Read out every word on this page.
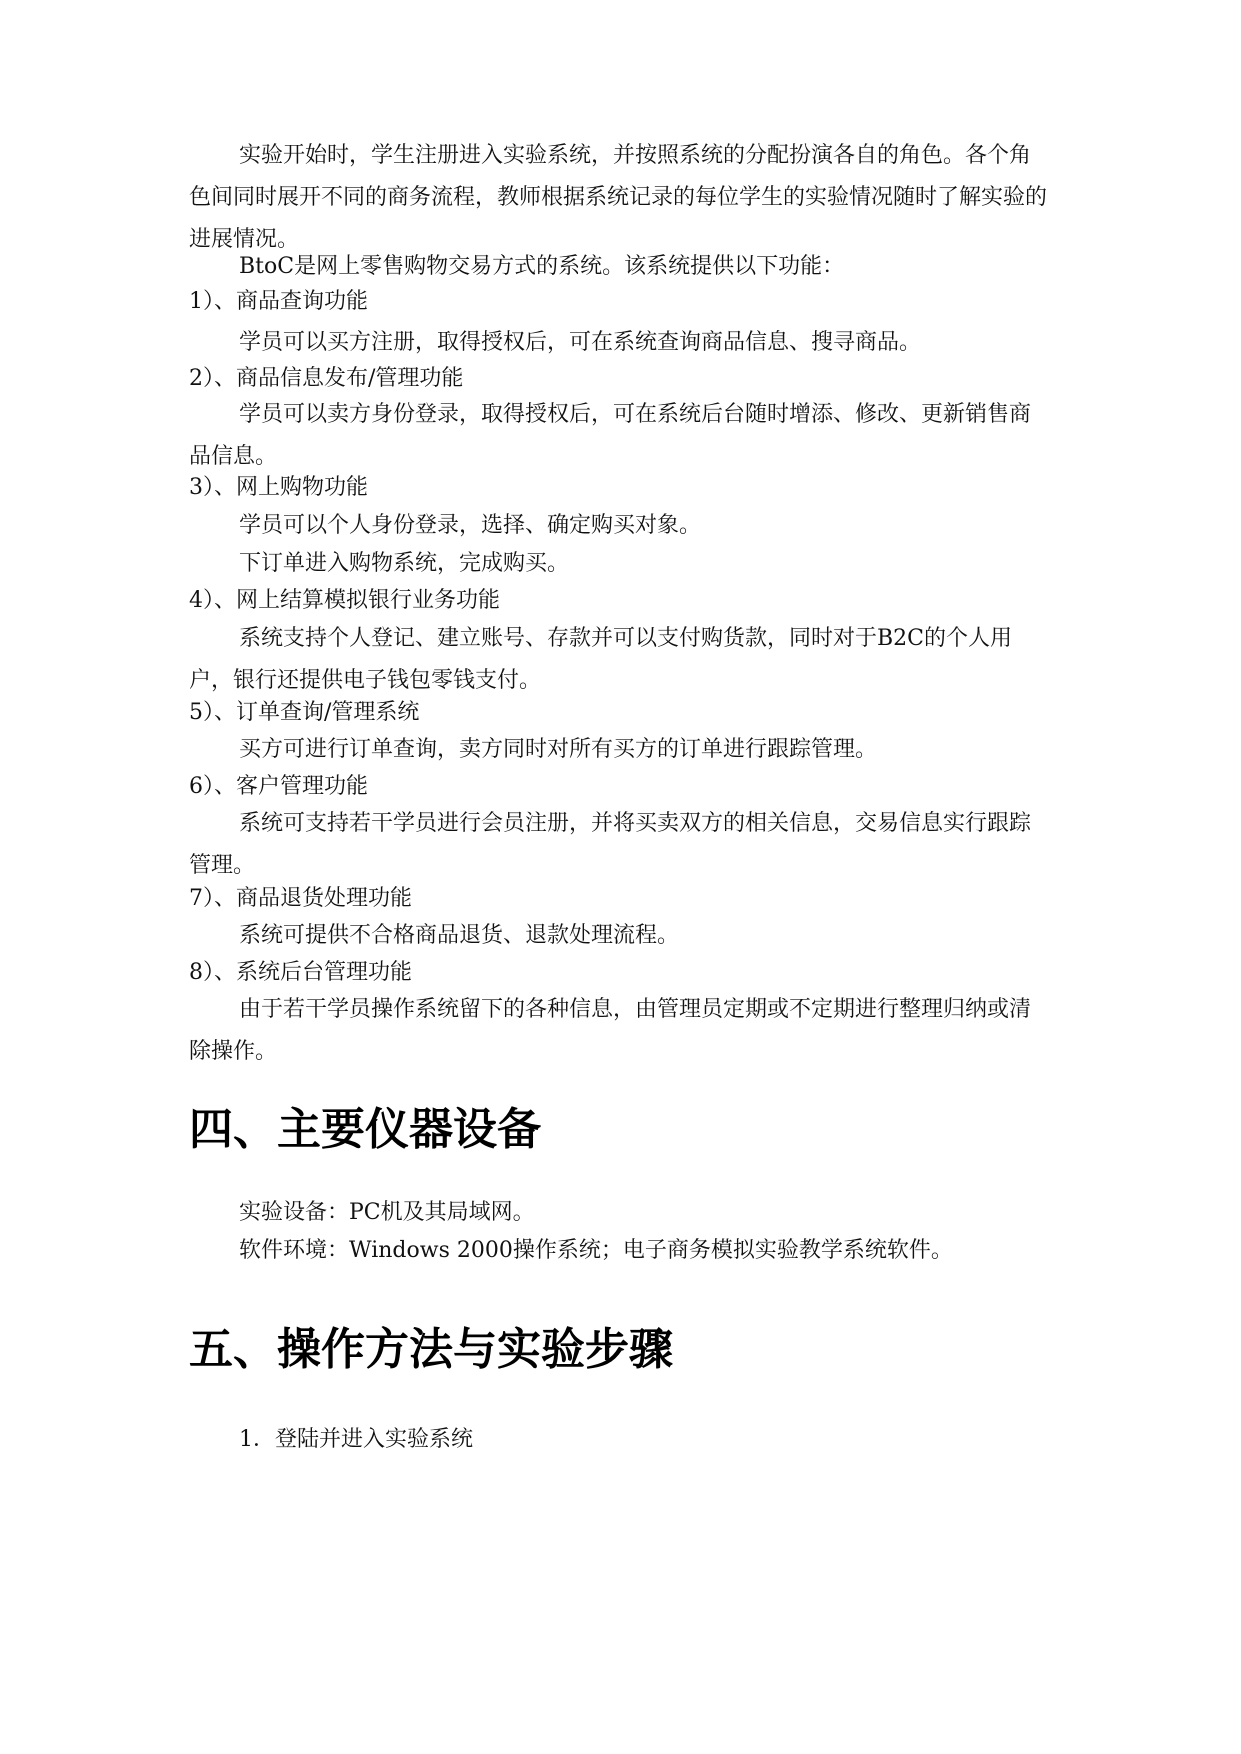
实验开始时，学生注册进入实验系统，并按照系统的分配扮演各自的角色。各个角色间同时展开不同的商务流程，教师根据系统记录的每位学生的实验情况随时了解实验的进展情况。

BtoC是网上零售购物交易方式的系统。该系统提供以下功能：

1）、商品查询功能

学员可以买方注册，取得授权后，可在系统查询商品信息、搜寻商品。

2）、商品信息发布/管理功能

学员可以卖方身份登录，取得授权后，可在系统后台随时增添、修改、更新销售商品信息。

3）、网上购物功能

学员可以个人身份登录，选择、确定购买对象。

下订单进入购物系统，完成购买。

4）、网上结算模拟银行业务功能

系统支持个人登记、建立账号、存款并可以支付购货款，同时对于B2C的个人用户，银行还提供电子钱包零钱支付。

5）、订单查询/管理系统

买方可进行订单查询，卖方同时对所有买方的订单进行跟踪管理。

6）、客户管理功能

系统可支持若干学员进行会员注册，并将买卖双方的相关信息，交易信息实行跟踪管理。

7）、商品退货处理功能

系统可提供不合格商品退货、退款处理流程。

8）、系统后台管理功能

由于若干学员操作系统留下的各种信息，由管理员定期或不定期进行整理归纳或清除操作。

四、主要仪器设备

实验设备：PC机及其局域网。

软件环境：Windows 2000操作系统；电子商务模拟实验教学系统软件。

五、操作方法与实验步骤

1．登陆并进入实验系统
